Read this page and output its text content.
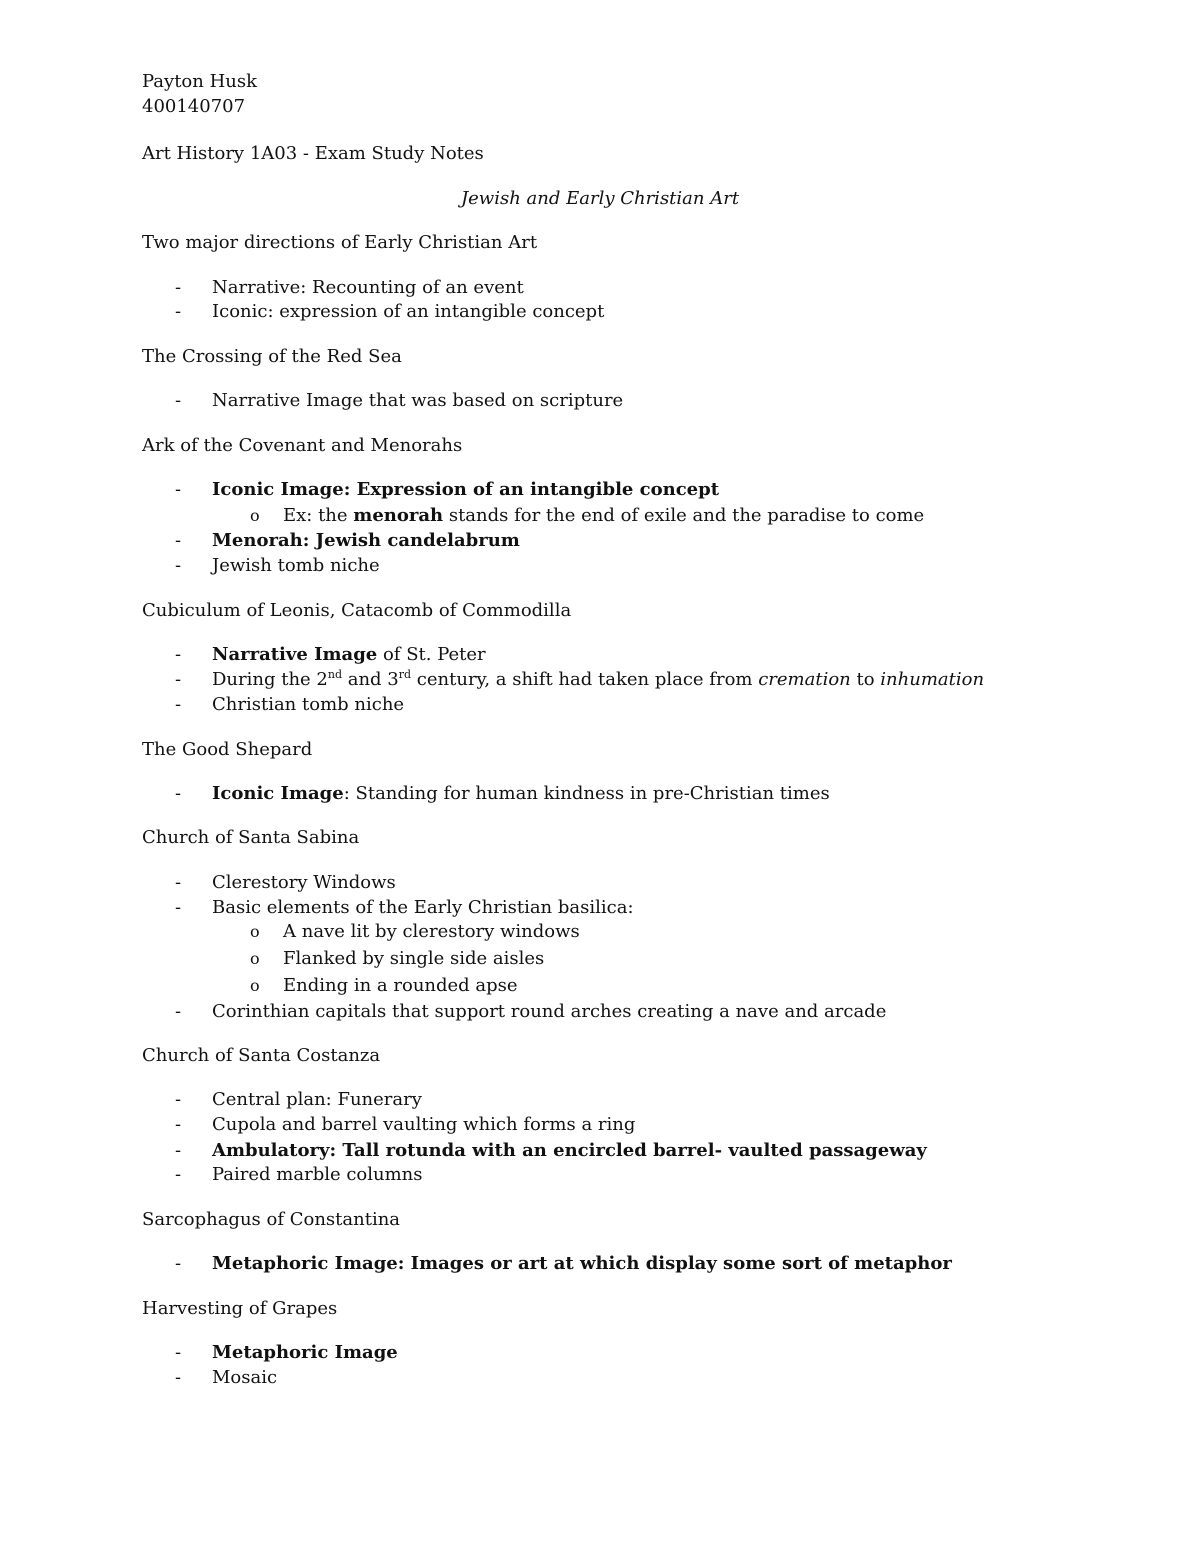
Payton Husk
400140707
Art History 1A03 - Exam Study Notes
Jewish and Early Christian Art
Two major directions of Early Christian Art
- Narrative: Recounting of an event
- Iconic: expression of an intangible concept
The Crossing of the Red Sea
- Narrative Image that was based on scripture
Ark of the Covenant and Menorahs
- Iconic Image: Expression of an intangible concept
o Ex: the menorah stands for the end of exile and the paradise to come
- Menorah: Jewish candelabrum
- Jewish tomb niche
Cubiculum of Leonis, Catacomb of Commodilla
- Narrative Image of St. Peter
- During the 2nd and 3rd century, a shift had taken place from cremation to inhumation
- Christian tomb niche
The Good Shepard
- Iconic Image: Standing for human kindness in pre-Christian times
Church of Santa Sabina
- Clerestory Windows
- Basic elements of the Early Christian basilica:
o A nave lit by clerestory windows
o Flanked by single side aisles
o Ending in a rounded apse
- Corinthian capitals that support round arches creating a nave and arcade
Church of Santa Costanza
- Central plan: Funerary
- Cupola and barrel vaulting which forms a ring
- Ambulatory: Tall rotunda with an encircled barrel- vaulted passageway
- Paired marble columns
Sarcophagus of Constantina
- Metaphoric Image: Images or art at which display some sort of metaphor
Harvesting of Grapes
- Metaphoric Image
- Mosaic
